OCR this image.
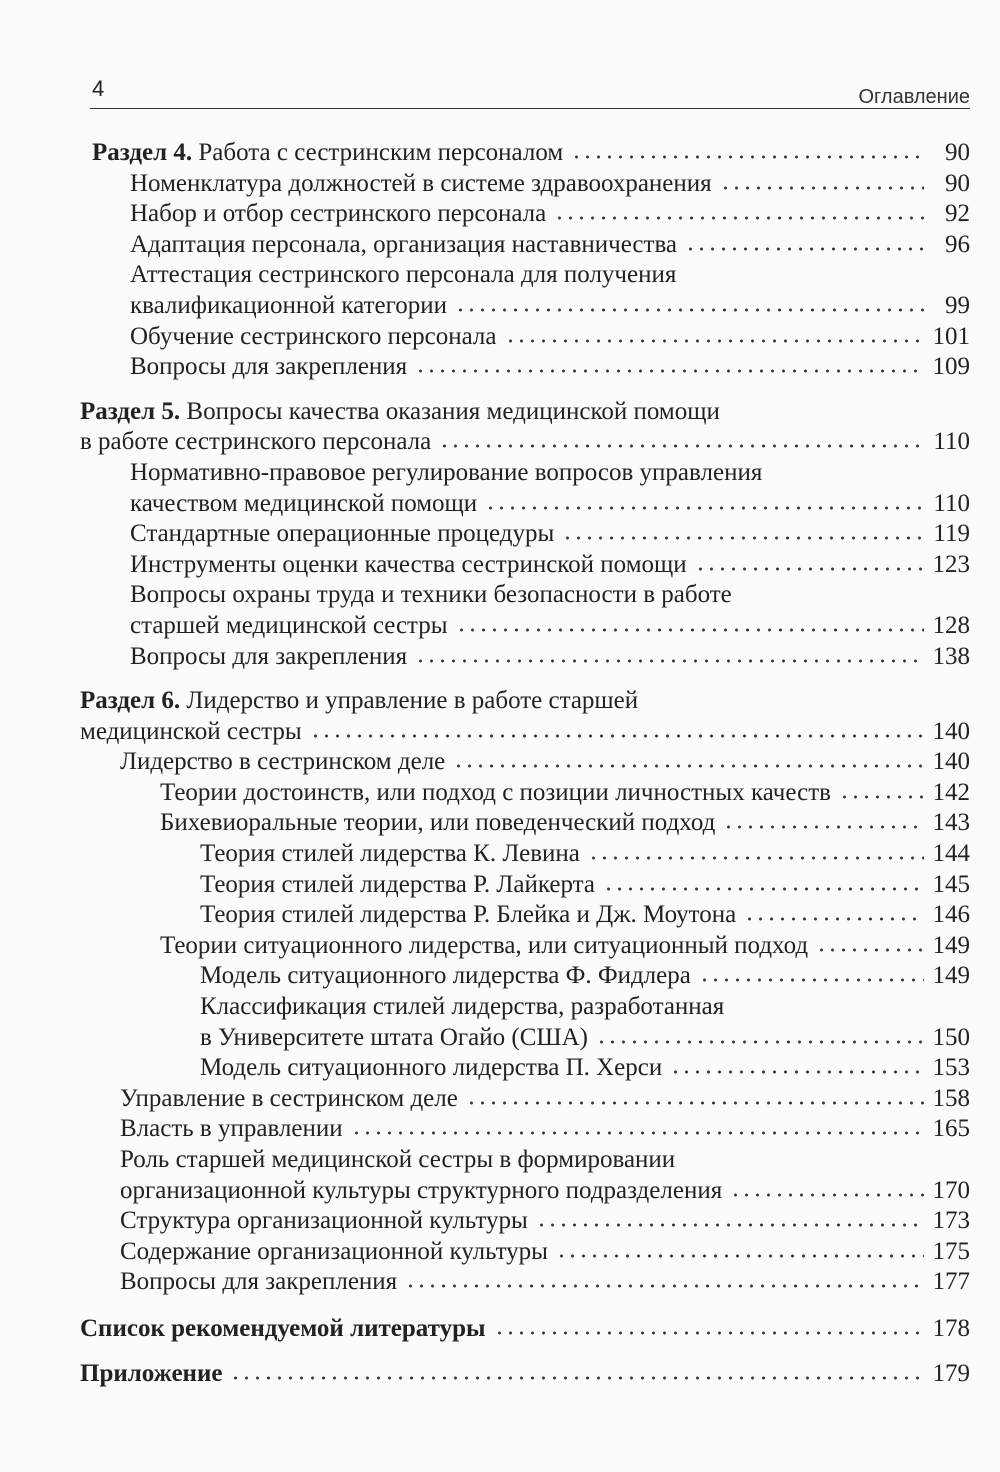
4	Оглавление
Раздел 4. Работа с сестринским персоналом	90
Номенклатура должностей в системе здравоохранения	90
Набор и отбор сестринского персонала	92
Адаптация персонала, организация наставничества	96
Аттестация сестринского персонала для получения
квалификационной категории	99
Обучение сестринского персонала	101
Вопросы для закрепления	109
Раздел 5. Вопросы качества оказания медицинской помощи
в работе сестринского персонала	110
Нормативно-правовое регулирование вопросов управления
качеством медицинской помощи	110
Стандартные операционные процедуры	119
Инструменты оценки качества сестринской помощи	123
Вопросы охраны труда и техники безопасности в работе
старшей медицинской сестры	128
Вопросы для закрепления	138
Раздел 6. Лидерство и управление в работе старшей
медицинской сестры	140
Лидерство в сестринском деле	140
Теории достоинств, или подход с позиции личностных качеств	142
Бихевиоральные теории, или поведенческий подход	143
Теория стилей лидерства К. Левина	144
Теория стилей лидерства Р. Лайкерта	145
Теория стилей лидерства Р. Блейка и Дж. Моутона	146
Теории ситуационного лидерства, или ситуационный подход	149
Модель ситуационного лидерства Ф. Фидлера	149
Классификация стилей лидерства, разработанная
в Университете штата Огайо (США)	150
Модель ситуационного лидерства П. Херси	153
Управление в сестринском деле	158
Власть в управлении	165
Роль старшей медицинской сестры в формировании
организационной культуры структурного подразделения	170
Структура организационной культуры	173
Содержание организационной культуры	175
Вопросы для закрепления	177
Список рекомендуемой литературы	178
Приложение	179
